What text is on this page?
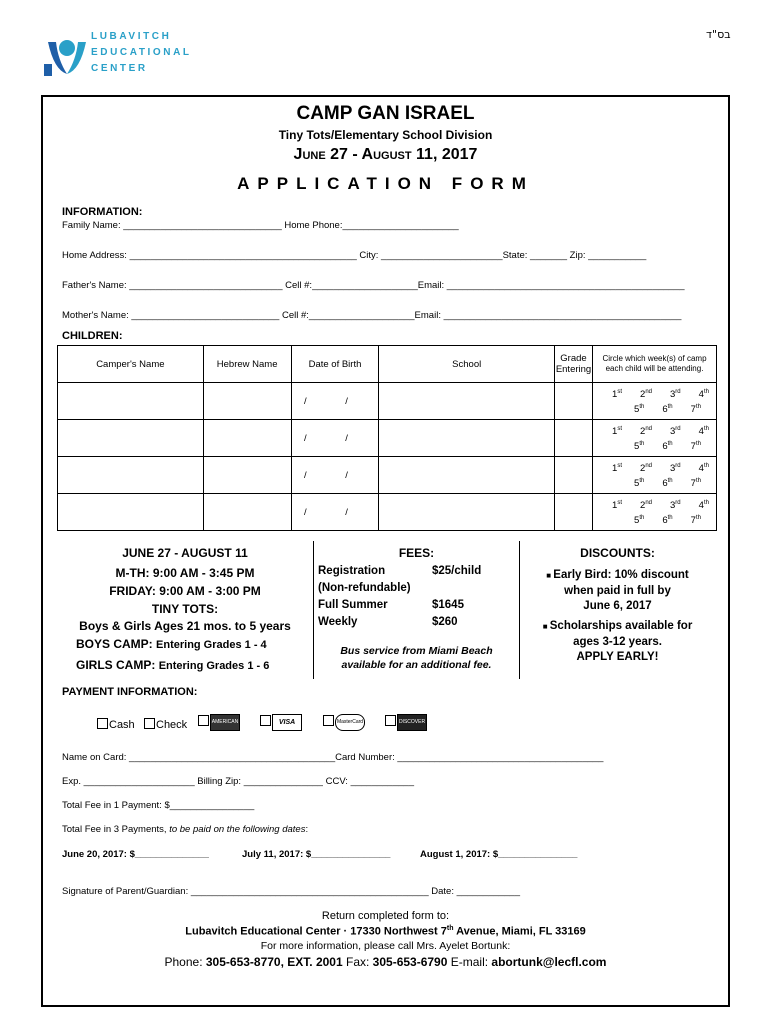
בס"ד
LUBAVITCH
EDUCATIONAL
CENTER
CAMP GAN ISRAEL
Tiny Tots/Elementary School Division
June 27 - August 11, 2017
APPLICATION FORM
INFORMATION:
Family Name: ______________________________ Home Phone:______________________
Home Address: ___________________________________________ City: _______________________State: _______ Zip: ___________
Father's Name: _____________________________ Cell #:____________________Email: _____________________________________________
Mother's Name: ____________________________ Cell #:____________________Email: _____________________________________________
CHILDREN:
Camper's Name	Hebrew Name	Date of Birth	School	Grade Entering	Circle which week(s) of camp each child will be attending.
		/ /			1st 2nd 3rd 4th
5th 6th 7th

		/ /			1st 2nd 3rd 4th
5th 6th 7th

		/ /			1st 2nd 3rd 4th
5th 6th 7th

		/ /			1st 2nd 3rd 4th
5th 6th 7th
JUNE 27 - AUGUST 11
M-TH: 9:00 AM - 3:45 PM
FRIDAY: 9:00 AM - 3:00 PM
TINY TOTS:
Boys & Girls Ages 21 mos. to 5 years
BOYS CAMP: Entering Grades 1 - 4
GIRLS CAMP: Entering Grades 1 - 6
FEES:
Registration	$25/child
(Non-refundable)
Full Summer	$1645
Weekly	$260
Bus service from Miami Beach
available for an additional fee.
DISCOUNTS:
■ Early Bird: 10% discount
when paid in full by
June 6, 2017
■ Scholarships available for
ages 3-12 years.
APPLY EARLY!
PAYMENT INFORMATION:
Cash	Check	AMERICAN EXPRESS
VISA	MasterCard	DISCOVER
Name on Card: _______________________________________Card Number: _______________________________________
Exp. _____________________ Billing Zip: _______________ CCV: ____________
Total Fee in 1 Payment: $________________
Total Fee in 3 Payments, to be paid on the following dates:
June 20, 2017: $______________	July 11, 2017: $_______________	August 1, 2017: $_______________
Signature of Parent/Guardian: _____________________________________________ Date: ____________
Return completed form to:
Lubavitch Educational Center · 17330 Northwest 7th Avenue, Miami, FL 33169
For more information, please call Mrs. Ayelet Bortunk:
Phone: 305-653-8770, EXT. 2001 Fax: 305-653-6790 E-mail: abortunk@lecfl.com
